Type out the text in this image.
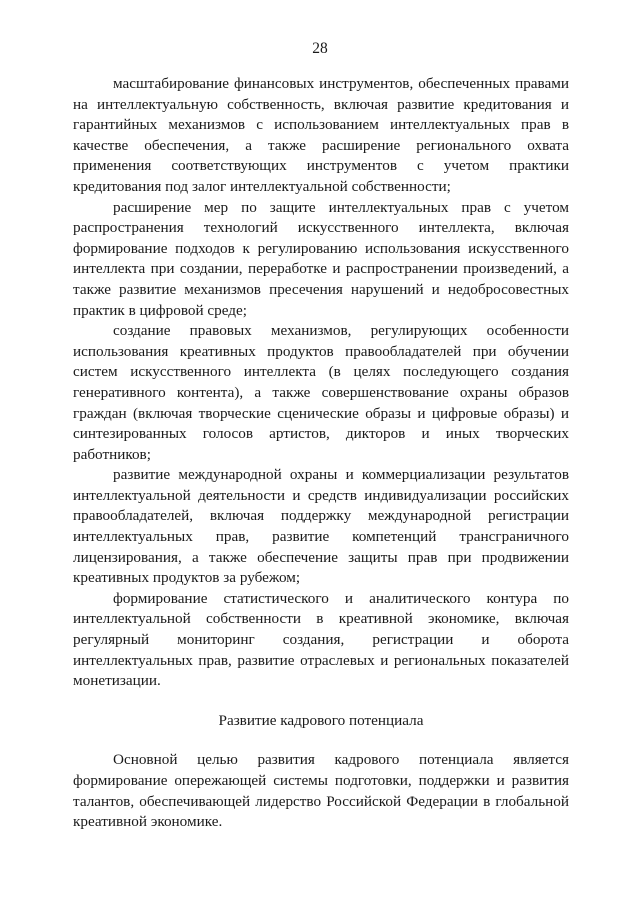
28

масштабирование финансовых инструментов, обеспеченных правами на интеллектуальную собственность, включая развитие кредитования и гарантийных механизмов с использованием интеллектуальных прав в качестве обеспечения, а также расширение регионального охвата применения соответствующих инструментов с учетом практики кредитования под залог интеллектуальной собственности;

расширение мер по защите интеллектуальных прав с учетом распространения технологий искусственного интеллекта, включая формирование подходов к регулированию использования искусственного интеллекта при создании, переработке и распространении произведений, а также развитие механизмов пресечения нарушений и недобросовестных практик в цифровой среде;

создание правовых механизмов, регулирующих особенности использования креативных продуктов правообладателей при обучении систем искусственного интеллекта (в целях последующего создания генеративного контента), а также совершенствование охраны образов граждан (включая творческие сценические образы и цифровые образы) и синтезированных голосов артистов, дикторов и иных творческих работников;

развитие международной охраны и коммерциализации результатов интеллектуальной деятельности и средств индивидуализации российских правообладателей, включая поддержку международной регистрации интеллектуальных прав, развитие компетенций трансграничного лицензирования, а также обеспечение защиты прав при продвижении креативных продуктов за рубежом;

формирование статистического и аналитического контура по интеллектуальной собственности в креативной экономике, включая регулярный мониторинг создания, регистрации и оборота интеллектуальных прав, развитие отраслевых и региональных показателей монетизации.

Развитие кадрового потенциала

Основной целью развития кадрового потенциала является формирование опережающей системы подготовки, поддержки и развития талантов, обеспечивающей лидерство Российской Федерации в глобальной креативной экономике.
